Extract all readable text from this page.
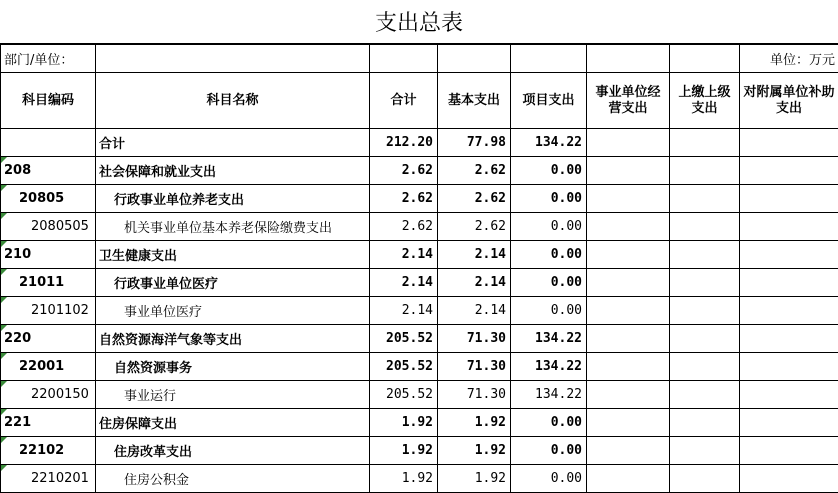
支出总表
部门/单位：							单位：万元
科目编码	科目名称	合计	基本支出	项目支出	事业单位经营支出	上缴上级支出	对附属单位补助支出
	合计	212.20	77.98	134.22			
208	社会保障和就业支出	2.62	2.62	0.00			
20805	行政事业单位养老支出	2.62	2.62	0.00			
2080505	机关事业单位基本养老保险缴费支出	2.62	2.62	0.00			
210	卫生健康支出	2.14	2.14	0.00			
21011	行政事业单位医疗	2.14	2.14	0.00			
2101102	事业单位医疗	2.14	2.14	0.00			
220	自然资源海洋气象等支出	205.52	71.30	134.22			
22001	自然资源事务	205.52	71.30	134.22			
2200150	事业运行	205.52	71.30	134.22			
221	住房保障支出	1.92	1.92	0.00			
22102	住房改革支出	1.92	1.92	0.00			
2210201	住房公积金	1.92	1.92	0.00			
